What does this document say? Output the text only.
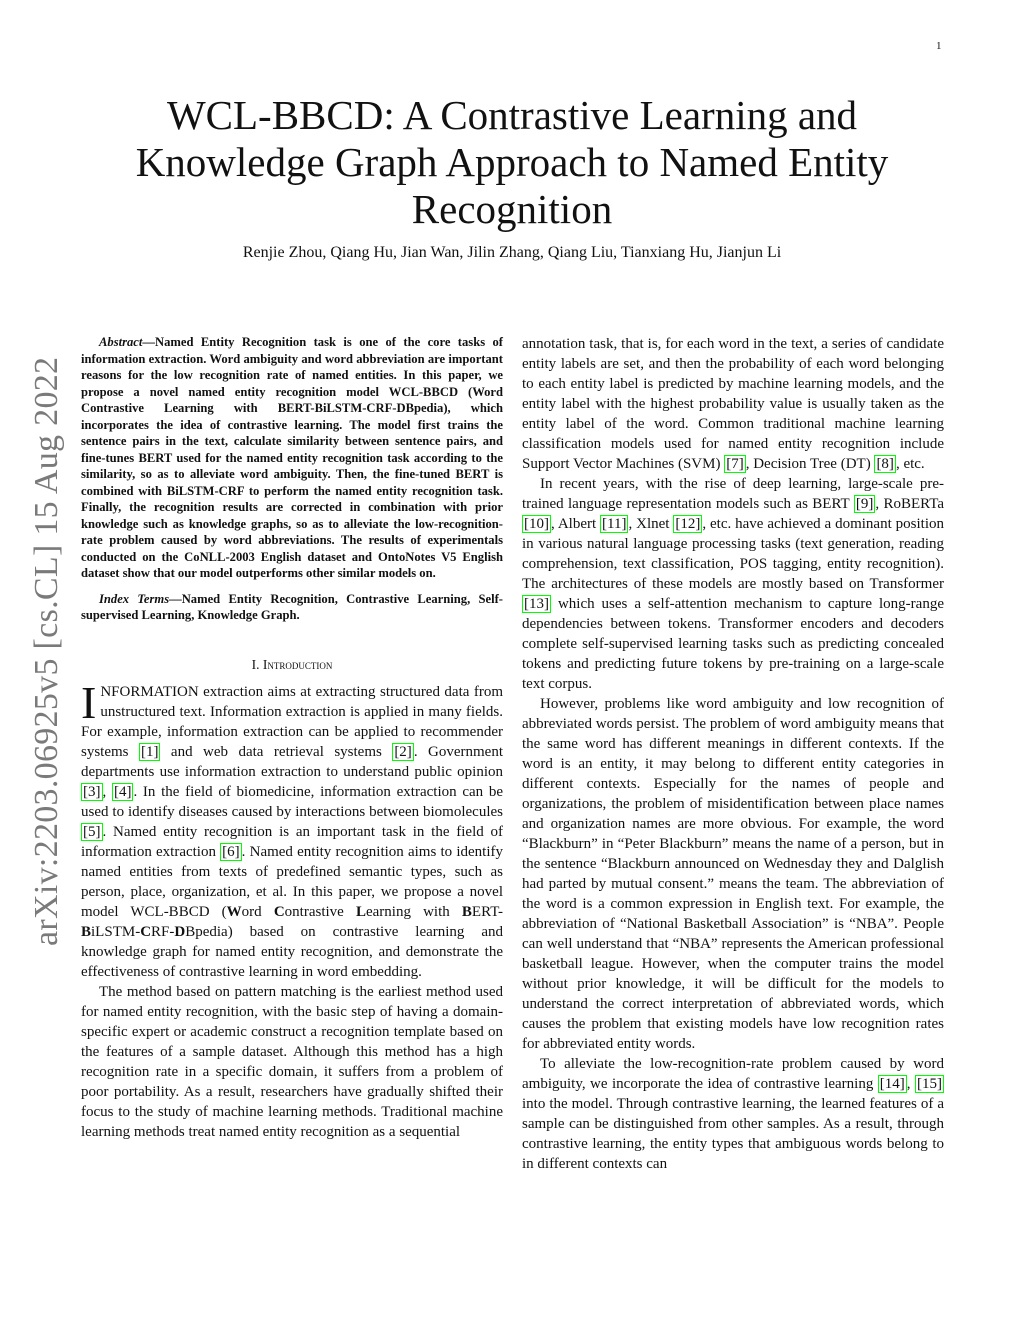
1
arXiv:2203.06925v5 [cs.CL] 15 Aug 2022
WCL-BBCD: A Contrastive Learning and Knowledge Graph Approach to Named Entity Recognition

Renjie Zhou, Qiang Hu, Jian Wan, Jilin Zhang, Qiang Liu, Tianxiang Hu, Jianjun Li

Abstract—Named Entity Recognition task is one of the core tasks of information extraction. Word ambiguity and word abbreviation are important reasons for the low recognition rate of named entities. In this paper, we propose a novel named entity recognition model WCL-BBCD (Word Contrastive Learning with BERT-BiLSTM-CRF-DBpedia), which incorporates the idea of contrastive learning. The model first trains the sentence pairs in the text, calculate similarity between sentence pairs, and fine-tunes BERT used for the named entity recognition task according to the similarity, so as to alleviate word ambiguity. Then, the fine-tuned BERT is combined with BiLSTM-CRF to perform the named entity recognition task. Finally, the recognition results are corrected in combination with prior knowledge such as knowledge graphs, so as to alleviate the low-recognition-rate problem caused by word abbreviations. The results of experimentals conducted on the CoNLL-2003 English dataset and OntoNotes V5 English dataset show that our model outperforms other similar models on.

Index Terms—Named Entity Recognition, Contrastive Learning, Self-supervised Learning, Knowledge Graph.

I. Introduction

INFORMATION extraction aims at extracting structured data from unstructured text. Information extraction is applied in many fields. For example, information extraction can be applied to recommender systems [1] and web data retrieval systems [2] . Government departments use information extraction to understand public opinion [3] , [4] . In the field of biomedicine, information extraction can be used to identify diseases caused by interactions between biomolecules [5] . Named entity recognition is an important task in the field of information extraction [6] . Named entity recognition aims to identify named entities from texts of predefined semantic types, such as person, place, organization, et al. In this paper, we propose a novel model WCL-BBCD (Word Contrastive Learning with BERT-BiLSTM-CRF-DBpedia) based on contrastive learning and knowledge graph for named entity recognition, and demonstrate the effectiveness of contrastive learning in word embedding.

The method based on pattern matching is the earliest method used for named entity recognition, with the basic step of having a domain-specific expert or academic construct a recognition template based on the features of a sample dataset. Although this method has a high recognition rate in a specific domain, it suffers from a problem of poor portability. As a result, researchers have gradually shifted their focus to the study of machine learning methods. Traditional machine learning methods treat named entity recognition as a sequential

annotation task, that is, for each word in the text, a series of candidate entity labels are set, and then the probability of each word belonging to each entity label is predicted by machine learning models, and the entity label with the highest probability value is usually taken as the entity label of the word. Common traditional machine learning classification models used for named entity recognition include Support Vector Machines (SVM) [7] , Decision Tree (DT) [8] , etc.

In recent years, with the rise of deep learning, large-scale pre-trained language representation models such as BERT [9] , RoBERTa [10] , Albert [11] , Xlnet [12] , etc. have achieved a dominant position in various natural language processing tasks (text generation, reading comprehension, text classification, POS tagging, entity recognition). The architectures of these models are mostly based on Transformer [13] which uses a self-attention mechanism to capture long-range dependencies between tokens. Transformer encoders and decoders complete self-supervised learning tasks such as predicting concealed tokens and predicting future tokens by pre-training on a large-scale text corpus.

However, problems like word ambiguity and low recognition of abbreviated words persist. The problem of word ambiguity means that the same word has different meanings in different contexts. If the word is an entity, it may belong to different entity categories in different contexts. Especially for the names of people and organizations, the problem of misidentification between place names and organization names are more obvious. For example, the word “Blackburn” in “Peter Blackburn” means the name of a person, but in the sentence “Blackburn announced on Wednesday they and Dalglish had parted by mutual consent.” means the team. The abbreviation of the word is a common expression in English text. For example, the abbreviation of “National Basketball Association” is “NBA”. People can well understand that “NBA” represents the American professional basketball league. However, when the computer trains the model without prior knowledge, it will be difficult for the models to understand the correct interpretation of abbreviated words, which causes the problem that existing models have low recognition rates for abbreviated entity words.

To alleviate the low-recognition-rate problem caused by word ambiguity, we incorporate the idea of contrastive learning [14] , [15] into the model. Through contrastive learning, the learned features of a sample can be distinguished from other samples. As a result, through contrastive learning, the entity types that ambiguous words belong to in different contexts can
